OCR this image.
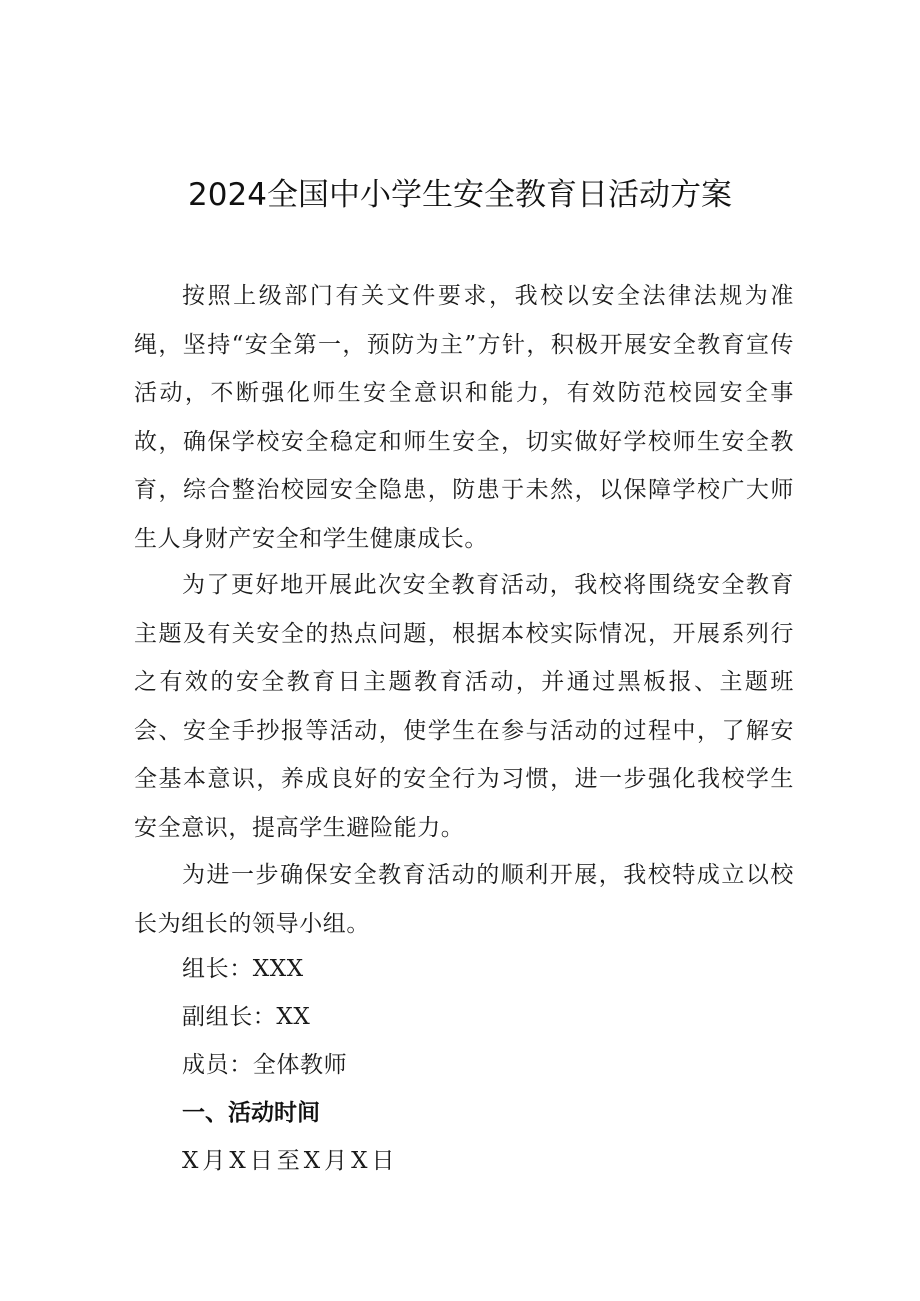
2024全国中小学生安全教育日活动方案

按照上级部门有关文件要求，我校以安全法律法规为准绳，坚持“安全第一，预防为主”方针，积极开展安全教育宣传活动，不断强化师生安全意识和能力，有效防范校园安全事故，确保学校安全稳定和师生安全，切实做好学校师生安全教育，综合整治校园安全隐患，防患于未然，以保障学校广大师生人身财产安全和学生健康成长。

为了更好地开展此次安全教育活动，我校将围绕安全教育主题及有关安全的热点问题，根据本校实际情况，开展系列行之有效的安全教育日主题教育活动，并通过黑板报、主题班会、安全手抄报等活动，使学生在参与活动的过程中，了解安全基本意识，养成良好的安全行为习惯，进一步强化我校学生安全意识，提高学生避险能力。

为进一步确保安全教育活动的顺利开展，我校特成立以校长为组长的领导小组。

组长：XXX

副组长：XX

成员：全体教师

一、活动时间

X月X日至X月X日
